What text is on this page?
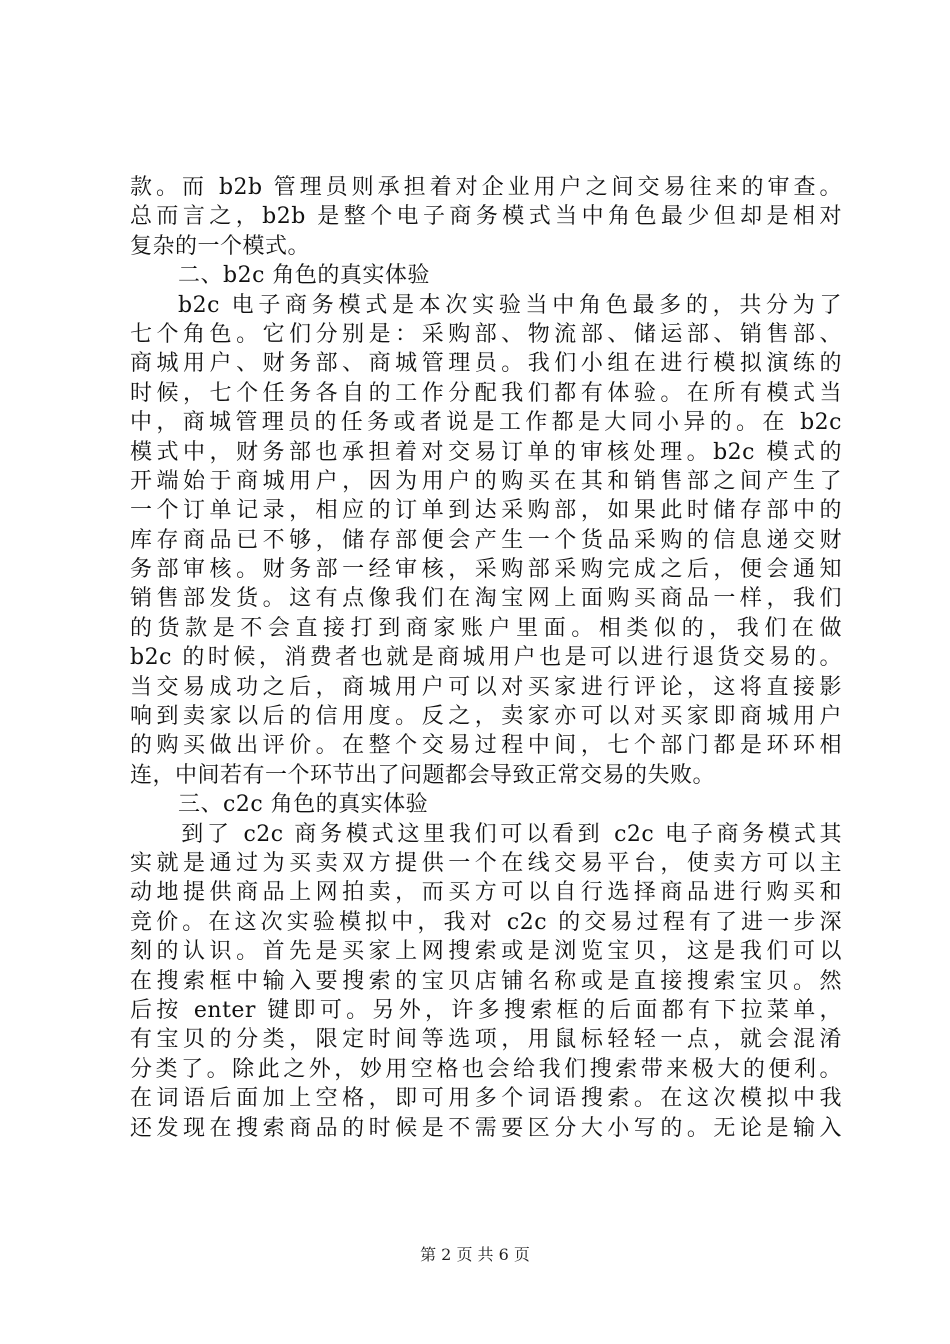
款。而 b2b 管理员则承担着对企业用户之间交易往来的审查。
总而言之，b2b 是整个电子商务模式当中角色最少但却是相对
复杂的一个模式。
二、b2c 角色的真实体验
b2c 电子商务模式是本次实验当中角色最多的，共分为了
七个角色。它们分别是：采购部、物流部、储运部、销售部、
商城用户、财务部、商城管理员。我们小组在进行模拟演练的
时候，七个任务各自的工作分配我们都有体验。在所有模式当
中，商城管理员的任务或者说是工作都是大同小异的。在 b2c
模式中，财务部也承担着对交易订单的审核处理。b2c 模式的
开端始于商城用户，因为用户的购买在其和销售部之间产生了
一个订单记录，相应的订单到达采购部，如果此时储存部中的
库存商品已不够，储存部便会产生一个货品采购的信息递交财
务部审核。财务部一经审核，采购部采购完成之后，便会通知
销售部发货。这有点像我们在淘宝网上面购买商品一样，我们
的货款是不会直接打到商家账户里面。相类似的，我们在做
b2c 的时候，消费者也就是商城用户也是可以进行退货交易的。
当交易成功之后，商城用户可以对买家进行评论，这将直接影
响到卖家以后的信用度。反之，卖家亦可以对买家即商城用户
的购买做出评价。在整个交易过程中间，七个部门都是环环相
连，中间若有一个环节出了问题都会导致正常交易的失败。
三、c2c 角色的真实体验
到了 c2c 商务模式这里我们可以看到 c2c 电子商务模式其
实就是通过为买卖双方提供一个在线交易平台，使卖方可以主
动地提供商品上网拍卖，而买方可以自行选择商品进行购买和
竞价。在这次实验模拟中，我对 c2c 的交易过程有了进一步深
刻的认识。首先是买家上网搜索或是浏览宝贝，这是我们可以
在搜索框中输入要搜索的宝贝店铺名称或是直接搜索宝贝。然
后按 enter 键即可。另外，许多搜索框的后面都有下拉菜单，
有宝贝的分类，限定时间等选项，用鼠标轻轻一点，就会混淆
分类了。除此之外，妙用空格也会给我们搜索带来极大的便利。
在词语后面加上空格，即可用多个词语搜索。在这次模拟中我
还发现在搜索商品的时候是不需要区分大小写的。无论是输入
第 2 页 共 6 页
